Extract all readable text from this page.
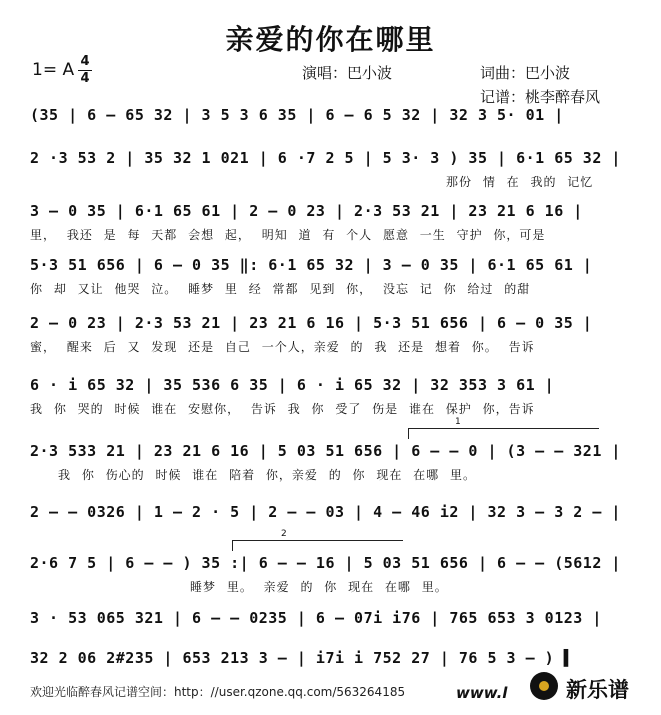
亲爱的你在哪里
1= A 4
4	演唱：巴小波	词曲：巴小波
记谱：桃李醉春风
(35 | 6 – 65 32 | 3 5 3 6 35 | 6 – 6 5 32 | 32 3 5· 01 |
2 ·3 53 2 | 35 32 1 021 | 6 ·7 2 5 | 5 3· 3 ) 35 | 6·1 65 32 |
那份 情 在 我的 记忆
3 – 0 35 | 6·1 65 61 | 2 – 0 23 | 2·3 53 21 | 23 21 6 16 |
里， 我还 是 每 天都 会想 起， 明知 道 有 个人 愿意 一生 守护 你，可是
5·3 51 656 | 6 – 0 35 ‖: 6·1 65 32 | 3 – 0 35 | 6·1 65 61 |
你 却 又让 他哭 泣。 睡梦 里 经 常都 见到 你， 没忘 记 你 给过 的甜
2 – 0 23 | 2·3 53 21 | 23 21 6 16 | 5·3 51 656 | 6 – 0 35 |
蜜， 醒来 后 又 发现 还是 自己 一个人，亲爱 的 我 还是 想着 你。 告诉
6 · i 65 32 | 35 536 6 35 | 6 · i 65 32 | 32 353 3 61 |
我 你 哭的 时候 谁在 安慰你， 告诉 我 你 受了 伤是 谁在 保护 你，告诉
2·3 533 21 | 23 21 6 16 | 5 03 51 656 | 6 – – 0 | (3 – – 321 |
我 你 伤心的 时候 谁在 陪着 你，亲爱 的 你 现在 在哪 里。
2 – – 0326 | 1 – 2 · 5 | 2 – – 03 | 4 – 46 i2 | 32 3 – 3 2 – |
2·6 7 5 | 6 – – ) 35 :| 6 – – 16 | 5 03 51 656 | 6 – – (5612 |
睡梦 里。 亲爱 的 你 现在 在哪 里。
3 · 53 065 321 | 6 – – 0235 | 6 – 07i i76 | 765 653 3 0123 |
32 2 06 2#235 | 653 213 3 – | i7i i 752 27 | 76 5 3 – ) ▌
1
2
欢迎光临醉春风记谱空间：http：//user.qzone.qq.com/563264185	www.l	新乐谱
